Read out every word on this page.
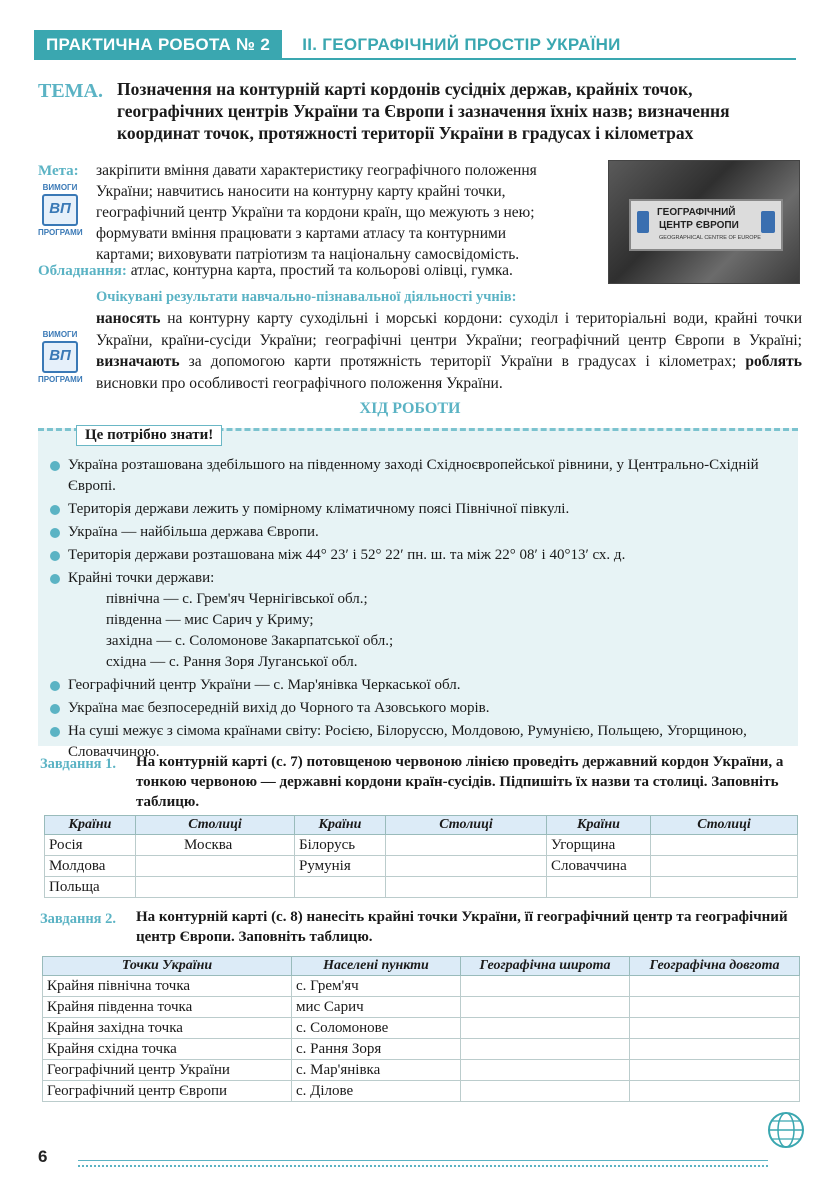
ПРАКТИЧНА РОБОТА № 2	II. ГЕОГРАФІЧНИЙ ПРОСТІР УКРАЇНИ
ТЕМА. Позначення на контурній карті кордонів сусідніх держав, крайніх точок, географічних центрів України та Європи і зазначення їхніх назв; визначення координат точок, протяжності території України в градусах і кілометрах
Мета: закріпити вміння давати характеристику географічного положення
України; навчитись наносити на контурну карту крайні точки,
географічний центр України та кордони країн, що межують з нею;
формувати вміння працювати з картами атласу та контурними
картами; виховувати патріотизм та національну самосвідомість.
ВИМОГИ
ВП
ПРОГРАМИ
Обладнання: атлас, контурна карта, простий та кольорові олівці, гумка.
ГЕОГРАФІЧНИЙ
ЦЕНТР ЄВРОПИ
GEOGRAPHICAL CENTRE OF EUROPE
Очікувані результати навчально-пізнавальної діяльності учнів:
ВИМОГИ
ВП
ПРОГРАМИ
наносять на контурну карту суходільні і морські кордони: суходіл і територіальні води, крайні точки України, країни-сусіди України; географічні центри України; географічний центр Європи в Україні; визначають за допомогою карти протяжність території України в градусах і кілометрах; роблять висновки про особливості географічного положення України.
ХІД РОБОТИ
Це потрібно знати!
Україна розташована здебільшого на південному заході Східноєвропейської рівнини, у Центрально-Східній Європі.
Територія держави лежить у помірному кліматичному поясі Північної півкулі.
Україна — найбільша держава Європи.
Територія держави розташована між 44° 23′ і 52° 22′ пн. ш. та між 22° 08′ і 40°13′ сх. д.
Крайні точки держави:
північна — с. Грем'яч Чернігівської обл.;
південна — мис Сарич у Криму;
західна — с. Соломонове Закарпатської обл.;
східна — с. Рання Зоря Луганської обл.
Географічний центр України — с. Мар'янівка Черкаської обл.
Україна має безпосередній вихід до Чорного та Азовського морів.
На суші межує з сімома країнами світу: Росією, Білоруссю, Молдовою, Румунією, Польщею, Угорщиною, Словаччиною.
Завдання 1. На контурній карті (с. 7) потовщеною червоною лінією проведіть державний кордон України, а тонкою червоною — державні кордони країн-сусідів. Підпишіть їх назви та столиці. Заповніть таблицю.
Країни	Столиці	Країни	Столиці	Країни	Столиці
Росія	Москва	Білорусь		Угорщина	
Молдова		Румунія		Словаччина	
Польща					
Завдання 2. На контурній карті (с. 8) нанесіть крайні точки України, її географічний центр та географічний центр Європи. Заповніть таблицю.
Точки України	Населені пункти	Географічна широта	Географічна довгота
Крайня північна точка	с. Грем'яч		
Крайня південна точка	мис Сарич		
Крайня західна точка	с. Соломонове		
Крайня східна точка	с. Рання Зоря		
Географічний центр України	с. Мар'янівка		
Географічний центр Європи	с. Ділове		
6
